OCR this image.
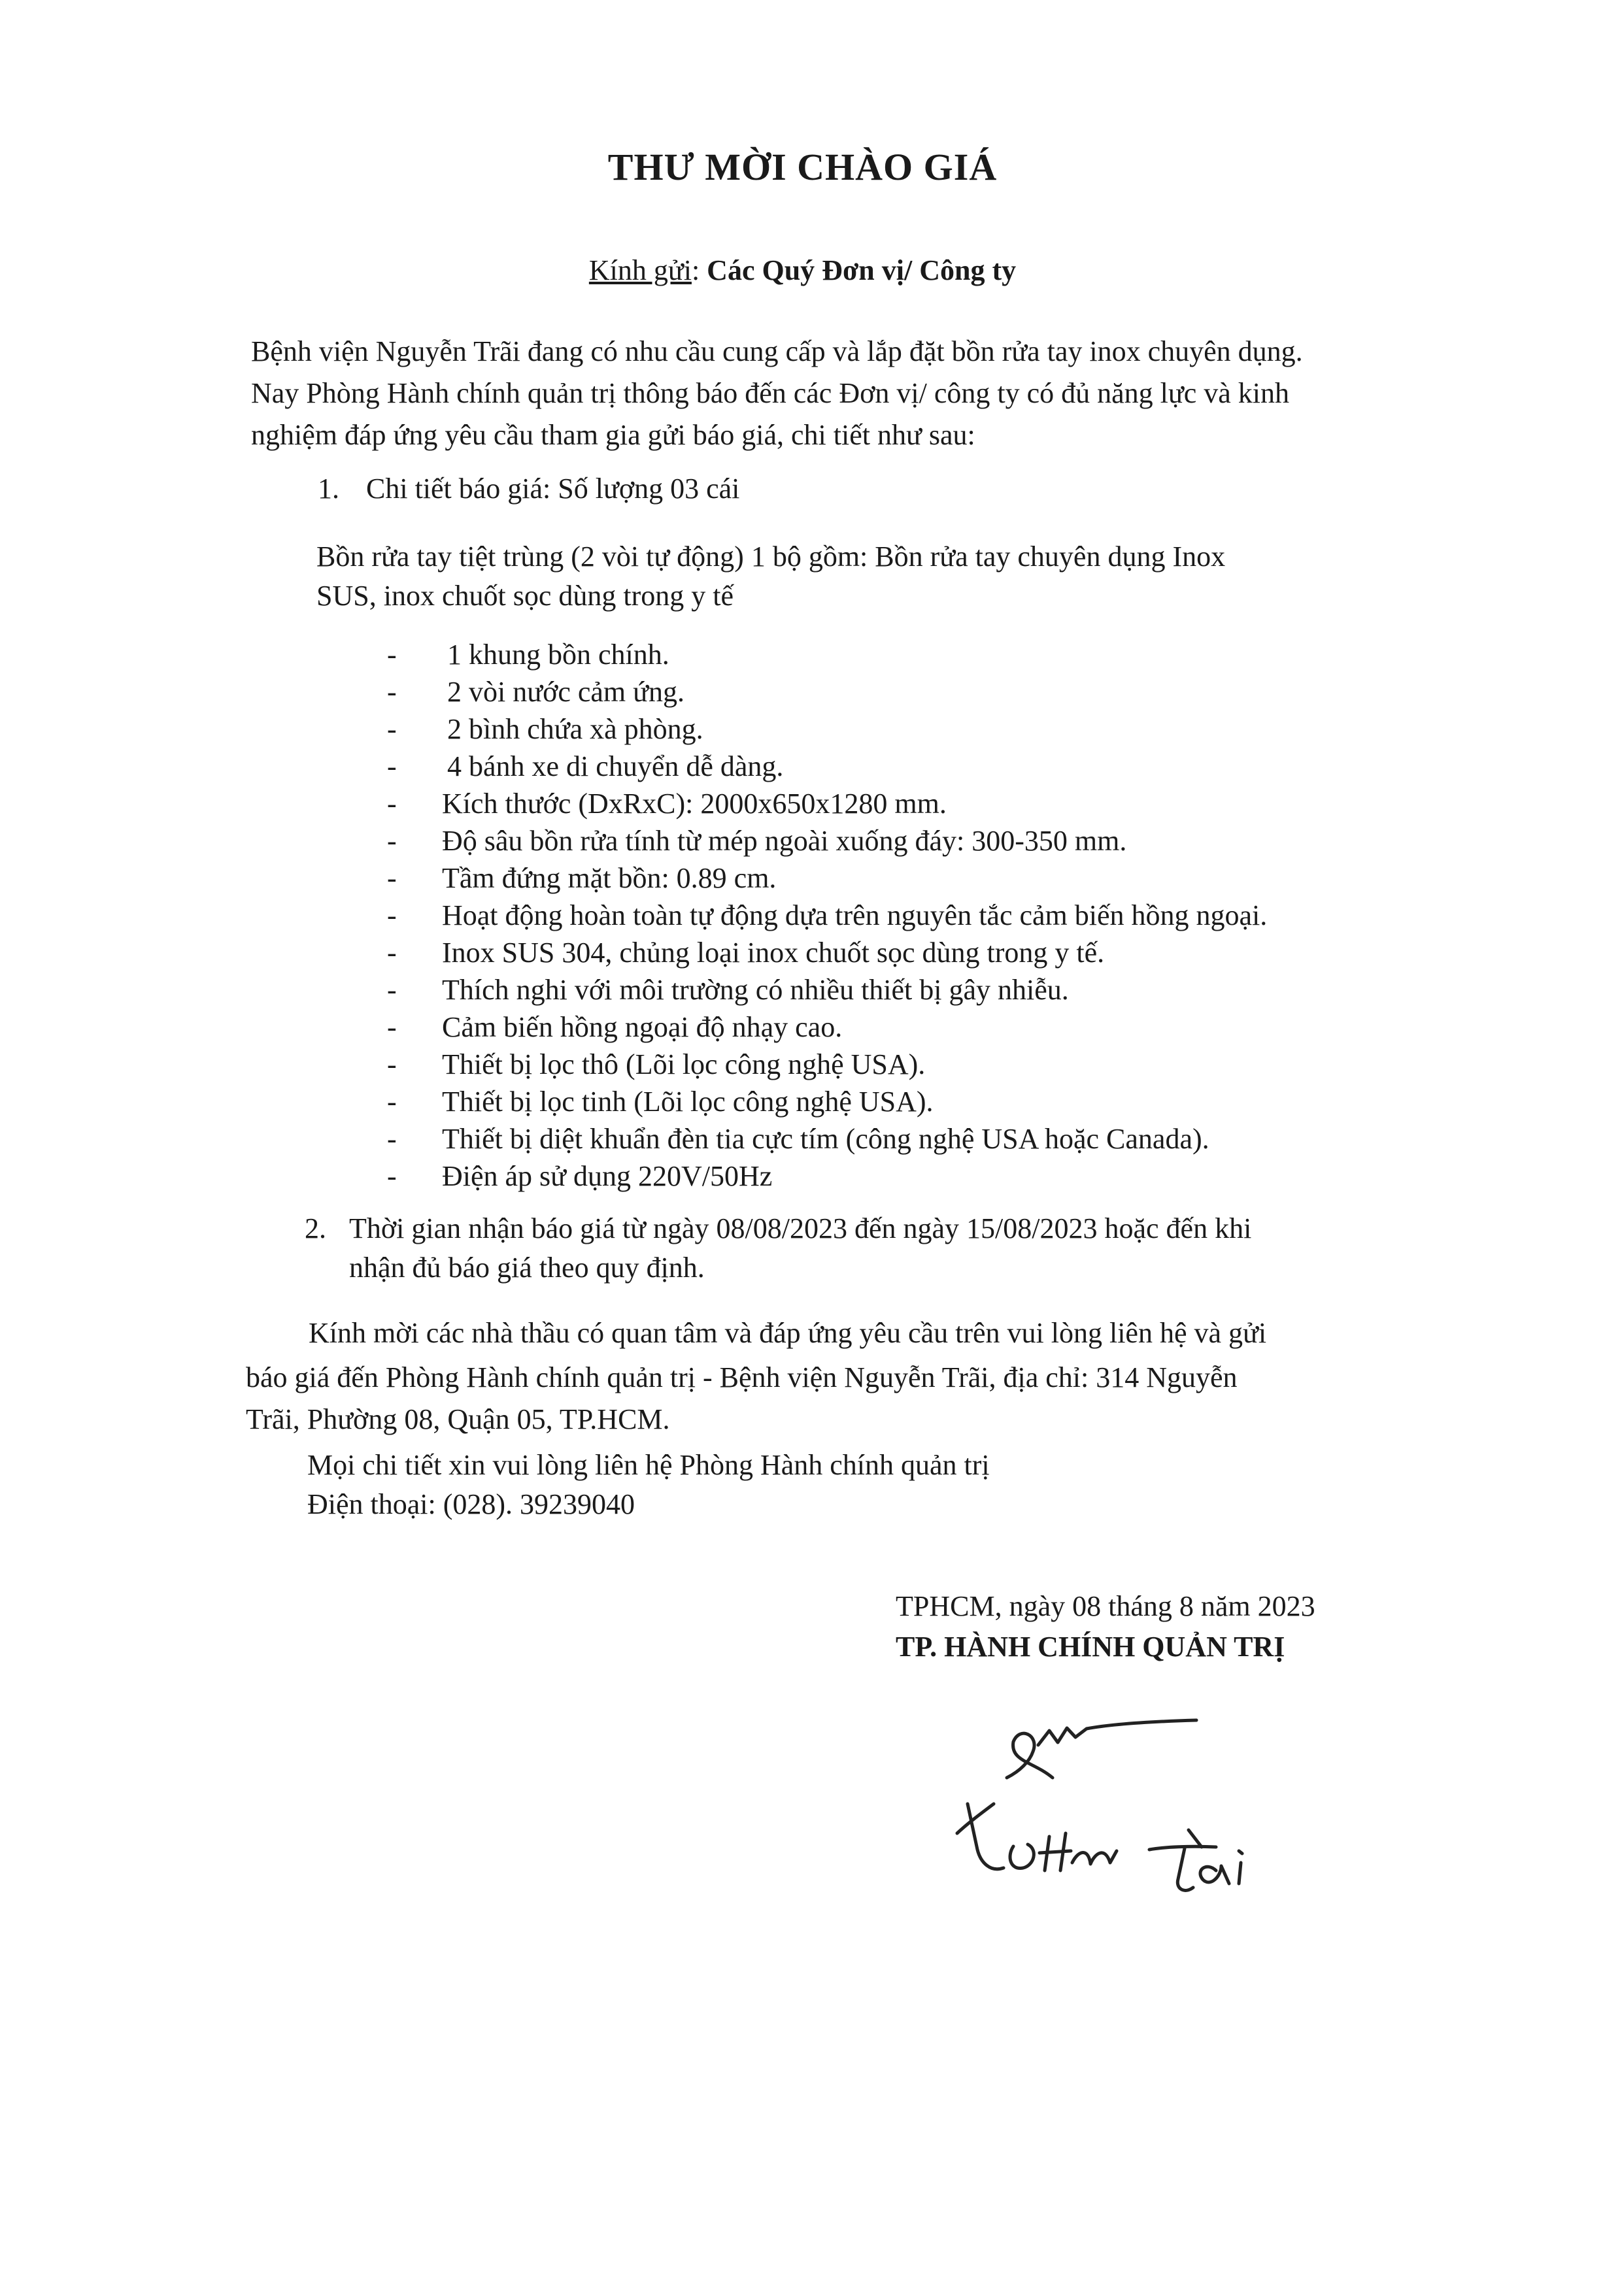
THƯ MỜI CHÀO GIÁ
Kính gửi: Các Quý Đơn vị/ Công ty
Bệnh viện Nguyễn Trãi đang có nhu cầu cung cấp và lắp đặt bồn rửa tay inox chuyên dụng.
Nay Phòng Hành chính quản trị thông báo đến các Đơn vị/ công ty có đủ năng lực và kinh
nghiệm đáp ứng yêu cầu tham gia gửi báo giá, chi tiết như sau:
1. Chi tiết báo giá: Số lượng 03 cái
Bồn rửa tay tiệt trùng (2 vòi tự động) 1 bộ gồm: Bồn rửa tay chuyên dụng Inox
SUS, inox chuốt sọc dùng trong y tế
- 1 khung bồn chính.
- 2 vòi nước cảm ứng.
- 2 bình chứa xà phòng.
- 4 bánh xe di chuyển dễ dàng.
- Kích thước (DxRxC): 2000x650x1280 mm.
- Độ sâu bồn rửa tính từ mép ngoài xuống đáy: 300-350 mm.
- Tầm đứng mặt bồn: 0.89 cm.
- Hoạt động hoàn toàn tự động dựa trên nguyên tắc cảm biến hồng ngoại.
- Inox SUS 304, chủng loại inox chuốt sọc dùng trong y tế.
- Thích nghi với môi trường có nhiều thiết bị gây nhiễu.
- Cảm biến hồng ngoại độ nhạy cao.
- Thiết bị lọc thô (Lõi lọc công nghệ USA).
- Thiết bị lọc tinh (Lõi lọc công nghệ USA).
- Thiết bị diệt khuẩn đèn tia cực tím (công nghệ USA hoặc Canada).
- Điện áp sử dụng 220V/50Hz
2. Thời gian nhận báo giá từ ngày 08/08/2023 đến ngày 15/08/2023 hoặc đến khi
nhận đủ báo giá theo quy định.
Kính mời các nhà thầu có quan tâm và đáp ứng yêu cầu trên vui lòng liên hệ và gửi
báo giá đến Phòng Hành chính quản trị - Bệnh viện Nguyễn Trãi, địa chỉ: 314 Nguyễn
Trãi, Phường 08, Quận 05, TP.HCM.
Mọi chi tiết xin vui lòng liên hệ Phòng Hành chính quản trị
Điện thoại: (028). 39239040
TPHCM, ngày 08 tháng 8 năm 2023
TP. HÀNH CHÍNH QUẢN TRỊ
